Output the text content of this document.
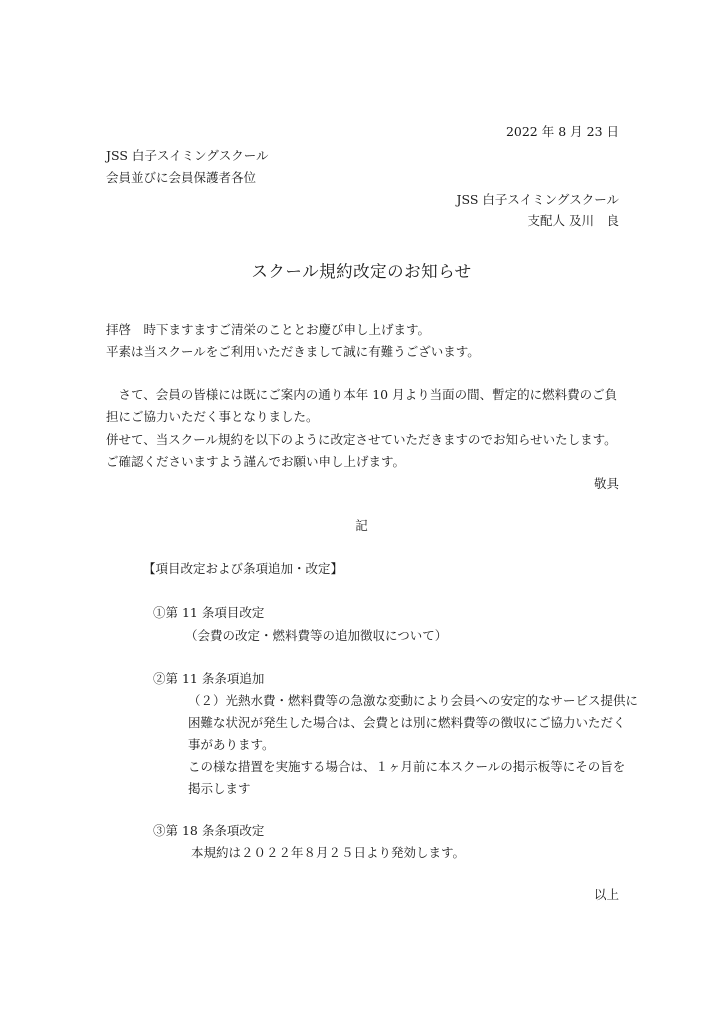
2022 年 8 月 23 日
JSS 白子スイミングスクール
会員並びに会員保護者各位
JSS 白子スイミングスクール
支配人 及川　良
スクール規約改定のお知らせ
拝啓　時下ますますご清栄のこととお慶び申し上げます。
平素は当スクールをご利用いただきまして誠に有難うございます。
　さて、会員の皆様には既にご案内の通り本年 10 月より当面の間、暫定的に燃料費のご負
担にご協力いただく事となりました。
併せて、当スクール規約を以下のように改定させていただきますのでお知らせいたします。
ご確認くださいますよう謹んでお願い申し上げます。
敬具
記
【項目改定および条項追加・改定】
①第 11 条項目改定
（会費の改定・燃料費等の追加徴収について）
②第 11 条条項追加
（２）光熱水費・燃料費等の急激な変動により会員への安定的なサービス提供に
困難な状況が発生した場合は、会費とは別に燃料費等の徴収にご協力いただく
事があります。
この様な措置を実施する場合は、１ヶ月前に本スクールの掲示板等にその旨を
掲示します
③第 18 条条項改定
本規約は２０２２年８月２５日より発効します。
以上
